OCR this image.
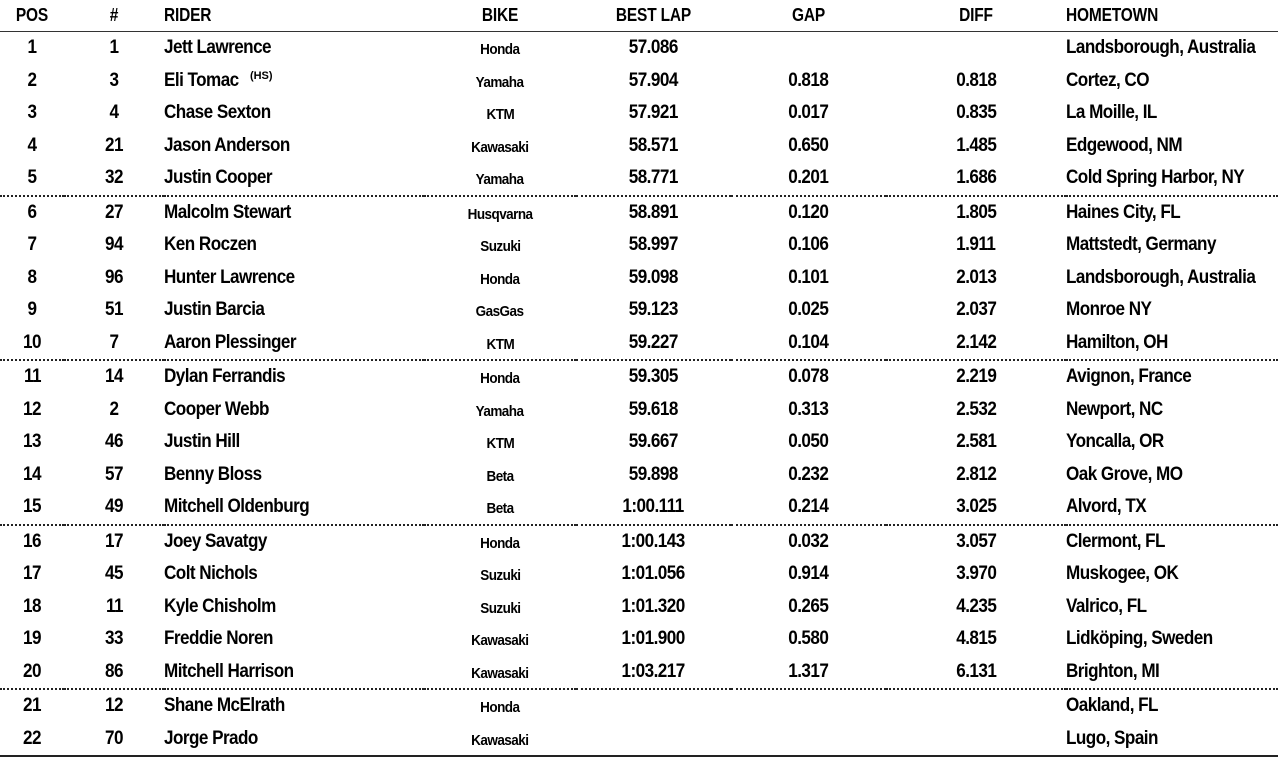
POS	#	RIDER	BIKE	BEST LAP	GAP	DIFF	HOMETOWN
1	1	Jett Lawrence	Honda	57.086			Landsborough, Australia
2	3	Eli Tomac $^{(HS)}$	Yamaha	57.904	0.818	0.818	Cortez, CO
3	4	Chase Sexton	KTM	57.921	0.017	0.835	La Moille, IL
4	21	Jason Anderson	Kawasaki	58.571	0.650	1.485	Edgewood, NM
5	32	Justin Cooper	Yamaha	58.771	0.201	1.686	Cold Spring Harbor, NY
6	27	Malcolm Stewart	Husqvarna	58.891	0.120	1.805	Haines City, FL
7	94	Ken Roczen	Suzuki	58.997	0.106	1.911	Mattstedt, Germany
8	96	Hunter Lawrence	Honda	59.098	0.101	2.013	Landsborough, Australia
9	51	Justin Barcia	GasGas	59.123	0.025	2.037	Monroe NY
10	7	Aaron Plessinger	KTM	59.227	0.104	2.142	Hamilton, OH
11	14	Dylan Ferrandis	Honda	59.305	0.078	2.219	Avignon, France
12	2	Cooper Webb	Yamaha	59.618	0.313	2.532	Newport, NC
13	46	Justin Hill	KTM	59.667	0.050	2.581	Yoncalla, OR
14	57	Benny Bloss	Beta	59.898	0.232	2.812	Oak Grove, MO
15	49	Mitchell Oldenburg	Beta	1:00.111	0.214	3.025	Alvord, TX
16	17	Joey Savatgy	Honda	1:00.143	0.032	3.057	Clermont, FL
17	45	Colt Nichols	Suzuki	1:01.056	0.914	3.970	Muskogee, OK
18	11	Kyle Chisholm	Suzuki	1:01.320	0.265	4.235	Valrico, FL
19	33	Freddie Noren	Kawasaki	1:01.900	0.580	4.815	Lidköping, Sweden
20	86	Mitchell Harrison	Kawasaki	1:03.217	1.317	6.131	Brighton, MI
21	12	Shane McElrath	Honda				Oakland, FL
22	70	Jorge Prado	Kawasaki				Lugo, Spain
